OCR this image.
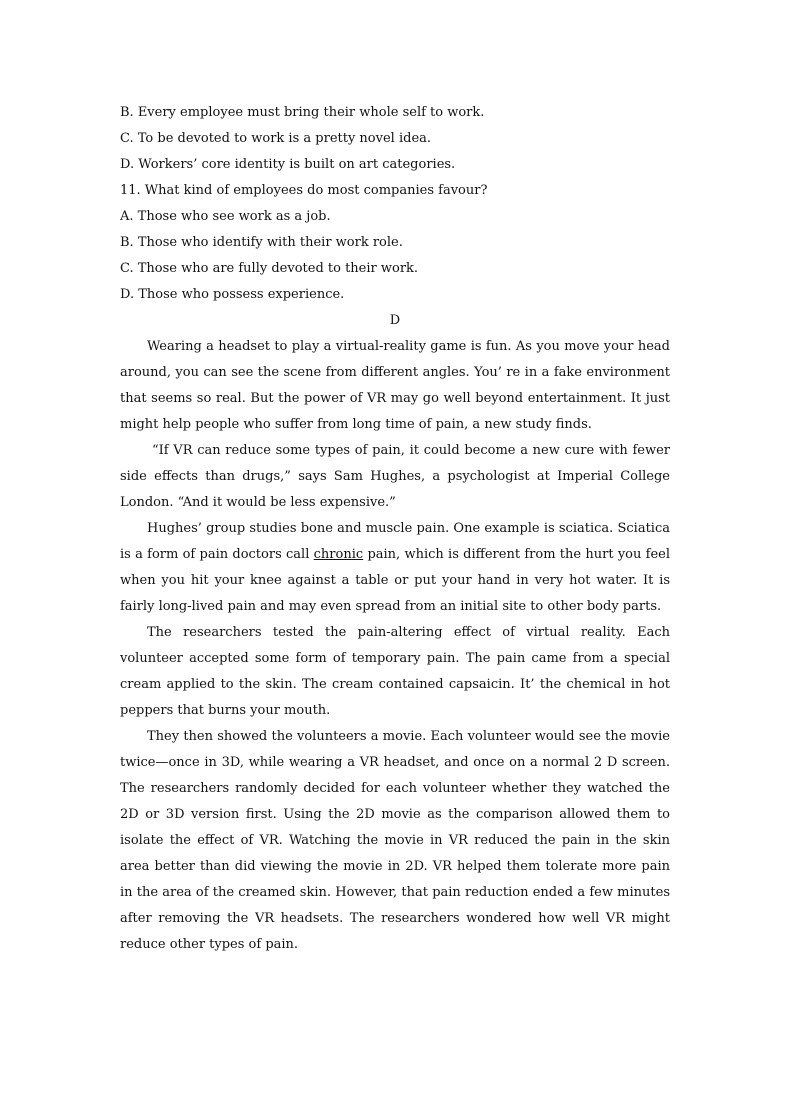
B. Every employee must bring their whole self to work.
C. To be devoted to work is a pretty novel idea.
D. Workers’ core identity is built on art categories.
11. What kind of employees do most companies favour?
A. Those who see work as a job.
B. Those who identify with their work role.
C. Those who are fully devoted to their work.
D. Those who possess experience.
D

Wearing a headset to play a virtual-reality game is fun. As you move your head around, you can see the scene from different angles. You’ re in a fake environment that seems so real. But the power of VR may go well beyond entertainment. It just might help people who suffer from long time of pain, a new study finds.

“If VR can reduce some types of pain, it could become a new cure with fewer side effects than drugs,” says Sam Hughes, a psychologist at Imperial College London. “And it would be less expensive.”

Hughes’ group studies bone and muscle pain. One example is sciatica. Sciatica is a form of pain doctors call chronic pain, which is different from the hurt you feel when you hit your knee against a table or put your hand in very hot water. It is fairly long-lived pain and may even spread from an initial site to other body parts.

The researchers tested the pain-altering effect of virtual reality. Each volunteer accepted some form of temporary pain. The pain came from a special cream applied to the skin. The cream contained capsaicin. It’ the chemical in hot peppers that burns your mouth.

They then showed the volunteers a movie. Each volunteer would see the movie twice—once in 3D, while wearing a VR headset, and once on a normal 2 D screen. The researchers randomly decided for each volunteer whether they watched the 2D or 3D version first. Using the 2D movie as the comparison allowed them to isolate the effect of VR. Watching the movie in VR reduced the pain in the skin area better than did viewing the movie in 2D. VR helped them tolerate more pain in the area of the creamed skin. However, that pain reduction ended a few minutes after removing the VR headsets. The researchers wondered how well VR might reduce other types of pain.
